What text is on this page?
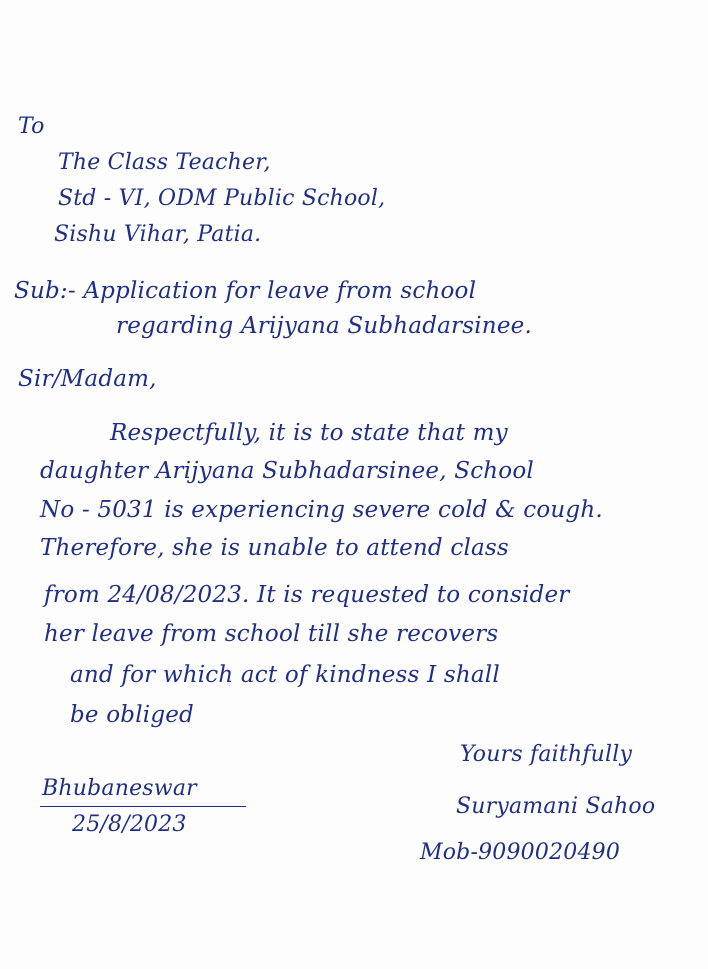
To
The Class Teacher,
Std - VI, ODM Public School,
Sishu Vihar, Patia.
Sub:- Application for leave from school
regarding Arijyana Subhadarsinee.
Sir/Madam,
Respectfully, it is to state that my
daughter Arijyana Subhadarsinee, School
No - 5031 is experiencing severe cold & cough.
Therefore, she is unable to attend class
from 24/08/2023. It is requested to consider
her leave from school till she recovers
and for which act of kindness I shall
be obliged
Yours faithfully
Bhubaneswar
25/8/2023
Suryamani Sahoo
Mob-9090020490
